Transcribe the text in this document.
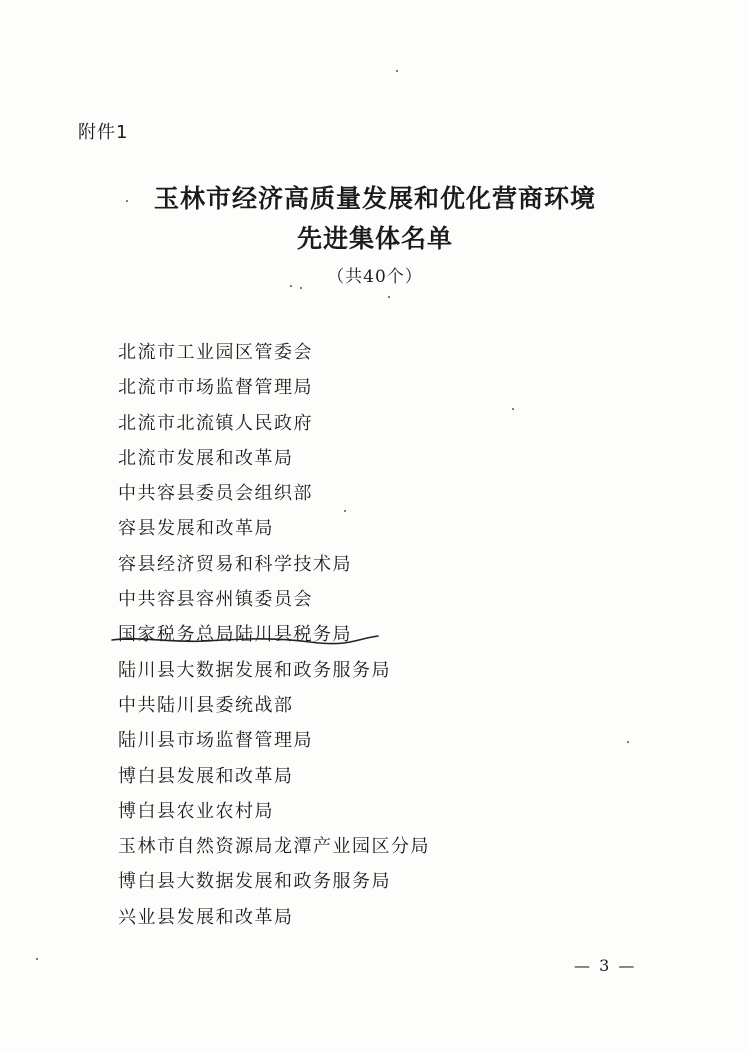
附件1
玉林市经济高质量发展和优化营商环境
先进集体名单
（共40个）
北流市工业园区管委会
北流市市场监督管理局
北流市北流镇人民政府
北流市发展和改革局
中共容县委员会组织部
容县发展和改革局
容县经济贸易和科学技术局
中共容县容州镇委员会
国家税务总局陆川县税务局
陆川县大数据发展和政务服务局
中共陆川县委统战部
陆川县市场监督管理局
博白县发展和改革局
博白县农业农村局
玉林市自然资源局龙潭产业园区分局
博白县大数据发展和政务服务局
兴业县发展和改革局
— 3 —
